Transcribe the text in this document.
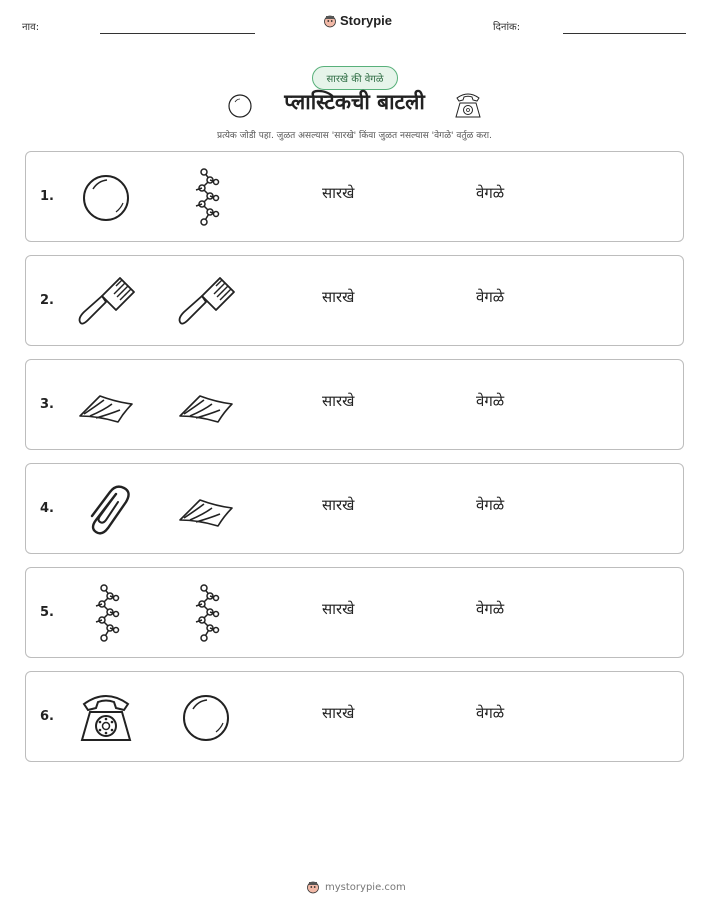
नाव:	Storypie	दिनांक:
सारखे की वेगळे
प्लास्टिकची बाटली
प्रत्येक जोडी पहा. जुळत असल्यास 'सारखे' किंवा जुळत नसल्यास 'वेगळे' वर्तुळ करा.
1.	सारखे	वेगळे
2.	सारखे	वेगळे
3.	सारखे	वेगळे
4.	सारखे	वेगळे
5.	सारखे	वेगळे
6.	सारखे	वेगळे
mystorypie.com
